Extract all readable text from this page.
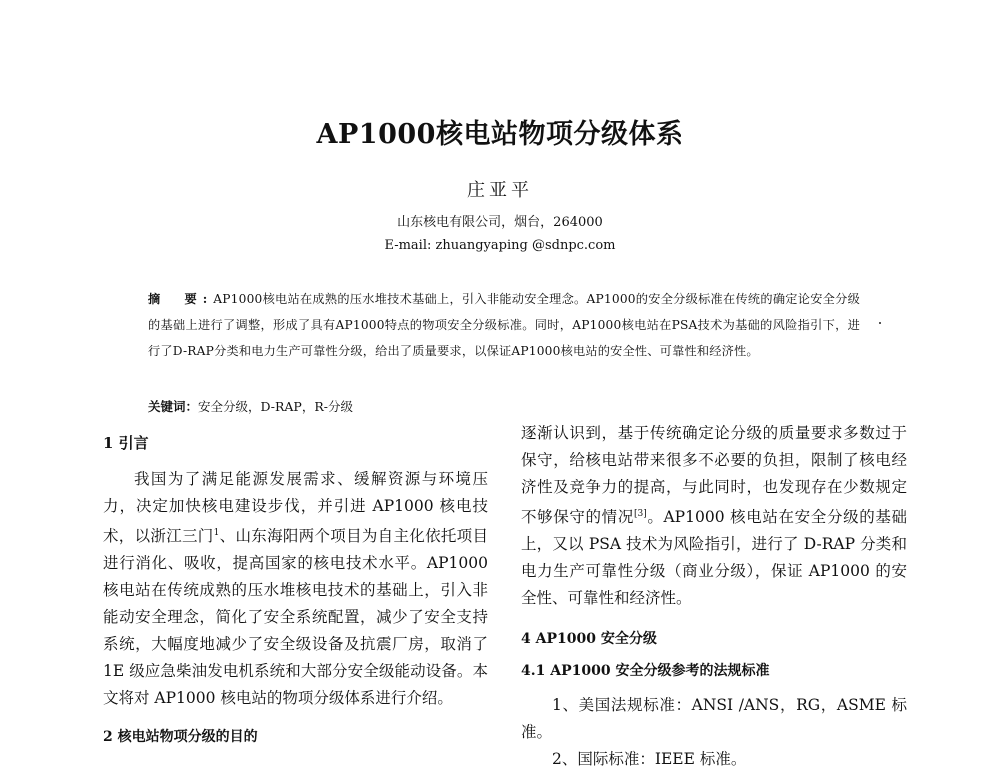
AP1000核电站物项分级体系
庄亚平
山东核电有限公司，烟台，264000
E-mail: zhuangyaping @sdnpc.com
摘　要:AP1000核电站在成熟的压水堆技术基础上，引入非能动安全理念。AP1000的安全分级标准在传统的确定论安全分级的基础上进行了调整，形成了具有AP1000特点的物项安全分级标准。同时，AP1000核电站在PSA技术为基础的风险指引下，进行了D-RAP分类和电力生产可靠性分级，给出了质量要求，以保证AP1000核电站的安全性、可靠性和经济性。
关键词：安全分级，D-RAP，R-分级
1 引言

我国为了满足能源发展需求、缓解资源与环境压力，决定加快核电建设步伐，并引进 AP1000 核电技术，以浙江三门$^1$、山东海阳两个项目为自主化依托项目进行消化、吸收，提高国家的核电技术水平。AP1000 核电站在传统成熟的压水堆核电技术的基础上，引入非能动安全理念，简化了安全系统配置，减少了安全支持系统，大幅度地减少了安全级设备及抗震厂房，取消了 1E 级应急柴油发电机系统和大部分安全级能动设备。本文将对 AP1000 核电站的物项分级体系进行介绍。

2 核电站物项分级的目的

逐渐认识到，基于传统确定论分级的质量要求多数过于保守，给核电站带来很多不必要的负担，限制了核电经济性及竞争力的提高，与此同时，也发现存在少数规定不够保守的情况[3]。AP1000 核电站在安全分级的基础上，又以 PSA 技术为风险指引，进行了 D-RAP 分类和电力生产可靠性分级（商业分级），保证 AP1000 的安全性、可靠性和经济性。

4 AP1000 安全分级
4.1 AP1000 安全分级参考的法规标准

1、美国法规标准：ANSI /ANS，RG，ASME 标准。

2、国际标准：IEEE 标准。
